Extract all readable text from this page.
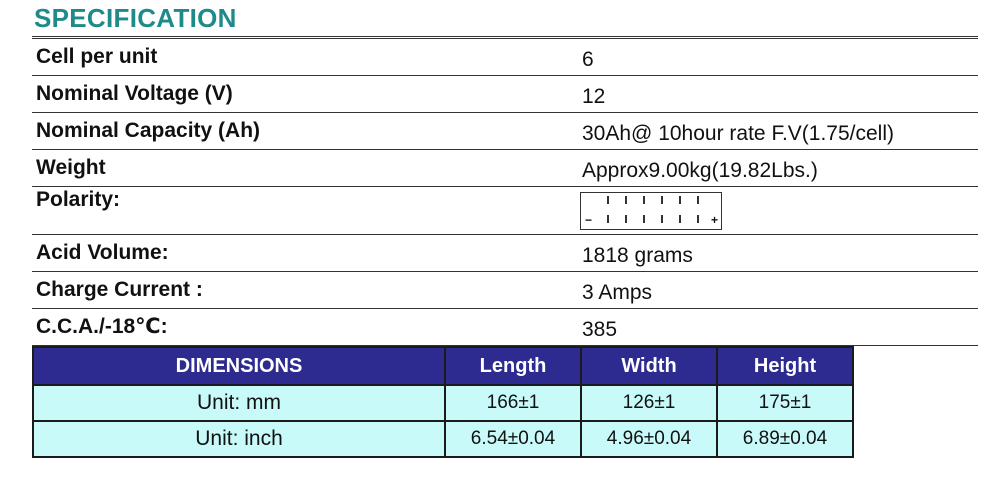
SPECIFICATION
Cell per unit	6
Nominal Voltage (V)	12
Nominal Capacity (Ah)	30Ah@ 10hour rate F.V(1.75/cell)
Weight	Approx9.00kg(19.82Lbs.)
Polarity:
−	+
Acid Volume:	1818 grams
Charge Current :	3 Amps
C.C.A./-18℃:	385
DIMENSIONS	Length	Width	Height
Unit: mm	166±1	126±1	175±1
Unit: inch	6.54±0.04	4.96±0.04	6.89±0.04
